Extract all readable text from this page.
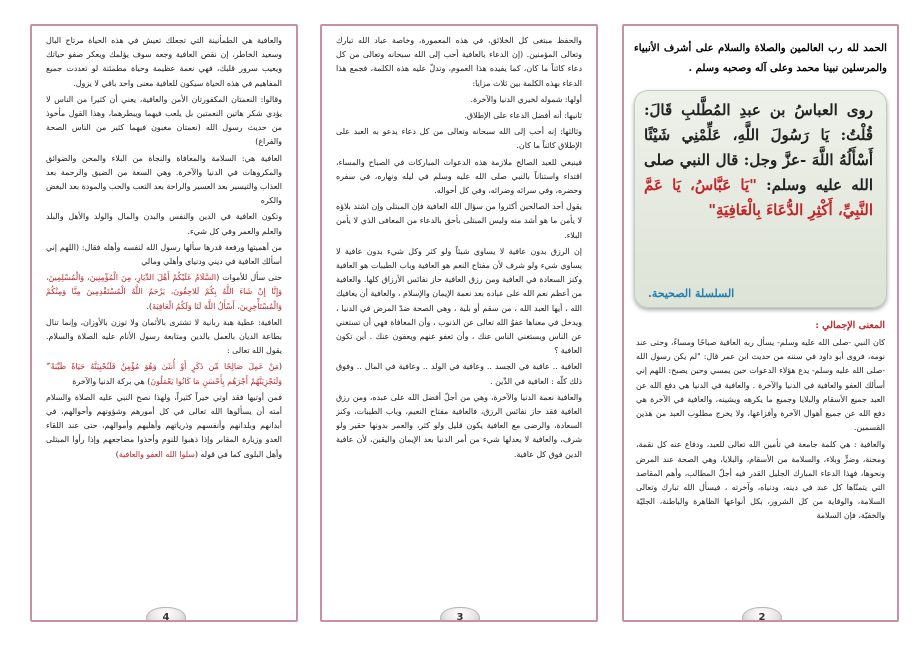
والعافية هي الطمأنينة التي تجعلك تعيش في هذه الحياة مرتاح البال وسعيد الخاطر، إن نقص العافية وجعه سوف يؤلمك ويعكر صفو حياتك ويعيب سرور قلبك، فهي نعمة عظيمة وحياة مطمئنة لو تعددت جميع المفاهيم في هذه الحياة سيكون للعافية معنى واحد باقي لا يزول.

وقالوا: النعمتان المكفورتان الأمن والعافية، يعني أن كثيرا من الناس لا يؤدي شكر هاتين النعمتين بل يلعب فيهما ويبطرهما، وهذا القول مأخوذ من حديث رسول الله (نعمتان مغبون فيهما كثير من الناس الصحة والفراغ)

العافية هي: السلامة والمعافاة والنجاة من البلاء والمحن والضوائق والمكروهات في الدنيا والآخرة. وهي السعة من الضيق والرحمة بعد العذاب والتيسير بعد العسير والراحة بعد التعب والحب والمودة بعد البغض والكره

وتكون العافية في الدين والنفس والبدن والمال والولد والأهل والبلد والعلم والعمر وفي كل شيء.

من أهميتها ورفعة قدرها سألها رسول الله لنفسه وأهله فقال: (اللهم إني أسألك العافية في ديني ودنياي وأهلي ومالي

حتى سأل للأموات (السَّلَامُ عَلَيْكُمْ أَهْلَ الدِّيَارِ، مِنَ الْمُؤْمِنِينَ، وَالْمُسْلِمِينَ، وَإِنَّا إِنْ شَاءَ اللَّهُ بِكُمْ لَلاحِقُونَ، يَرْحَمُ اللَّهُ الْمُسْتَقْدِمِينَ مِنَّا وَمِنْكُمْ وَالْمُسْتَأْخِرِينَ، أَسْأَلُ اللَّهَ لَنَا وَلَكُمُ الْعَافِيَةَ).

العافية: عطية هبة ربانية لا تشترى بالأثمان ولا توزن بالأوزان، وإنما تنال بطاعة الديان بالعمل بالدين ومتابعة رسول الأنام عليه الصلاة والسلام. يقول الله تعالى :

(مَنْ عَمِلَ صَالِحًا مِّن ذَكَرٍ أَوْ أُنثَىٰ وَهُوَ مُؤْمِنٌ فَلَنُحْيِيَنَّهُ حَيَاةً طَيِّبَةً ۖ وَلَنَجْزِيَنَّهُمْ أَجْرَهُم بِأَحْسَنِ مَا كَانُوا يَعْمَلُونَ) هي بركة الدنيا والآخرة

فمن أوتيها فقد أوتي خيراً كثيراً، ولهذا نصح النبي عليه الصلاة والسلام أمته أن يسألوها الله تعالى في كل أمورهم وشؤونهم وأحوالهم، في أبدانهم وبلدانهم وأنفسهم وذرياتهم وأهليهم وأموالهم، حتى عند اللقاء العدو وزيارة المقابر وإذا ذهبوا للنوم وأخذوا مضاجعهم وإذا رأوا المبتلى وأهل البلوى كما في قوله (سلوا الله العفو والعافية)

4

والحفظ مبتغى كل الخلائق، في هذه المعمورة، وخاصة عباد الله تبارك وتعالى المؤمنين. (إن الدعاء بالعافية أحب إلى الله سبحانه وتعالى من كل دعاء كائناً ما كان، كما يفيده هذا العموم، وتدلّ عليه هذه الكلمة، فجمع هذا الدعاء بهذه الكلمة بين ثلاث مزايا:

أولها: شموله لخيري الدنيا والآخرة.

ثانيها: أنه أفضل الدعاء على الإطلاق.

وثالثها: إنه أحب إلى الله سبحانه وتعالى من كل دعاء يدعو به العبد على الإطلاق كائناً ما كان.

فينبغي للعبد الصالح ملازمة هذه الدعوات المباركات في الصباح والمساء، اقتداء واستناناً بالنبي صلى الله عليه وسلم في ليله ونهاره، في سفره وحضره، وفي سرائه وضرائه، وفي كل أحواله.

يقول أحد الصالحين أكثروا من سؤال الله العافية فإن المبتلى وإن اشتد بلاؤه لا يأمن ما هو أشد منه وليس المبتلى بأحق بالدعاء من المعافى الذي لا يأمن البلاء.

إن الرزق بدون عافية لا يساوي شيئاً ولو كثر وكل شيء بدون عافية لا يساوي شيء ولو شرف لأن مفتاح النعم هو العافية وباب الطيبات هو العافية وكنز السعادة في العافية ومن رزق العافية حاز نفائس الأرزاق كلها. والعافية من أعظم نعم الله على عباده بعد نعمة الإيمان والإسلام ، والعافية أن يعافيك الله ، أيها العبد الله ، من سقم أو بلية ، وهي الصحة ضدّ المرض في الدنيا ، ويدخل في معناها عفوُ الله تعالى عن الذنوب ، وأن المعافاة فهي أن تستغني عن الناس ويستغني الناس عنك ، وأن تعفو عنهم ويعفون عنك . أين تكون العافية ؟

العافية .. عافية في الجسد .. وعافية في الولد .. وعافية في المال .. وفوق ذلك كلّه : العافية في الدِّين .

والعافية نعمة الدنيا والآخرة، وهي من أجلّ أفضل الله على عبده، ومن رزق العافية فقد حاز نفائس الرزق، فالعافية مفتاح النعيم، وباب الطيبات، وكنز السعادة، والرضى مع العافية يكون قليل ولو كثر، والعمر بدونها حقير ولو شرف، والعافية لا يعدلها شيء من أمر الدنيا بعد الإيمان واليقين، لأن عافية الدين فوق كل عافية.

3
الحمد لله رب العالمين والصلاة والسلام على أشرف الأنبياء والمرسلين نبينا محمد وعلى آله وصحبه وسلم .
روى العباسُ بن عبدِ المُطَّلبِ قَالَ: قُلْتُ: يَا رَسُولَ اللَّهِ، عَلِّمْنِي شَيْئًا أَسْأَلُهُ اللَّهَ -عزَّ وجل: قال النبي صلى الله عليه وسلم: "يَا عَبَّاسُ، يَا عَمَّ النَّبِيِّ، أَكْثِرِ الدُّعَاءَ بِالْعَافِيَةِ"
السلسلة الصحيحة.
المعنى الإجمالي :

كان النبي -صلى الله عليه وسلم- يسأل ربه العافية صباحًا ومساءً، وحتى عند نومه، فروى أبو داود في سننه من حديث ابن عمر قال: "لم يكن رسول الله -صلى الله عليه وسلم- يدع هؤلاء الدعوات حين يمسي وحين يصبح: اللهم إني أسألك العفو والعافية في الدنيا والآخرة . والعافية في الدنيا هي دفع الله عن العبد جميع الأسقام والبلايا وجميع ما يكرهه ويشينه، والعافية في الآخرة هي دفع الله عن جميع أهوال الآخرة وأفزاعها، ولا يخرج مطلوب العبد من هذين القسمين.

والعافية : هي كلمة جامعة في تأمين الله تعالى للعبد، ودفاع عنه كل نقمة، ومحنة، وضرٍّ وبلاء، والسلامة من الأسقام، والبلايا، وهي الصحة عند المرض ونحوها، فهذا الدعاء المبارك الجليل القدر فيه أجلّ المطالب، وأهم المقاصد التي يتمنّاها كل عبد في دينه، ودنياه، وآخرته ، فيسأل الله تبارك وتعالى السلامة، والوقاية من كل الشرور، بكل أنواعها الظاهرة والباطنة، الجليّة والخفيّة، فإن السلامة

2
